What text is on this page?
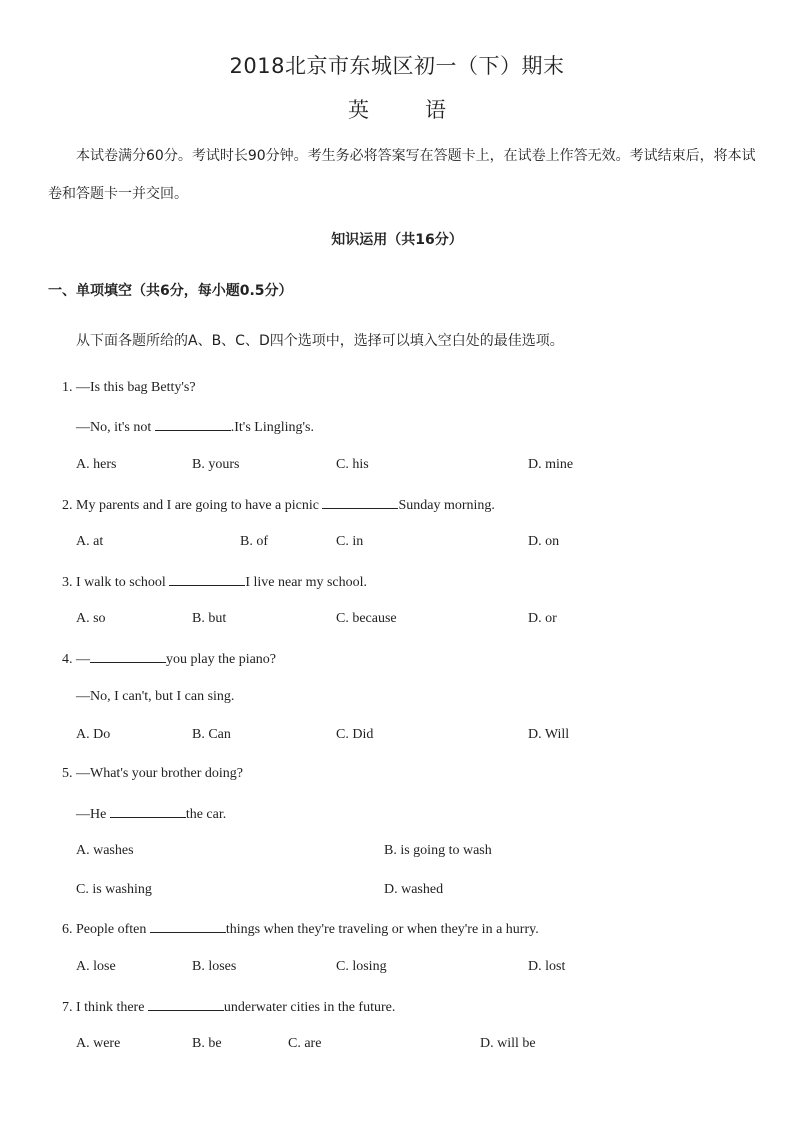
2018北京市东城区初一（下）期末
英	语
本试卷满分60分。考试时长90分钟。考生务必将答案写在答题卡上，在试卷上作答无效。考试结束后，将本试卷和答题卡一并交回。
知识运用（共16分）
一、单项填空（共6分，每小题0.5分）
从下面各题所给的A、B、C、D四个选项中，选择可以填入空白处的最佳选项。
1. —Is this bag Betty's?
—No, it's not	.It's Lingling's.
A. hers	B. yours	C. his	D. mine
2. My parents and I are going to have a picnic	Sunday morning.
A. at	B. of	C. in	D. on
3. I walk to school	I live near my school.
A. so	B. but	C. because	D. or
4. —	you play the piano?
—No, I can't, but I can sing.
A. Do	B. Can	C. Did	D. Will
5. —What's your brother doing?
—He	the car.
A. washes	B. is going to wash
C. is washing	D. washed
6. People often	things when they're traveling or when they're in a hurry.
A. lose	B. loses	C. losing	D. lost
7. I think there	underwater cities in the future.
A. were	B. be	C. are	D. will be
